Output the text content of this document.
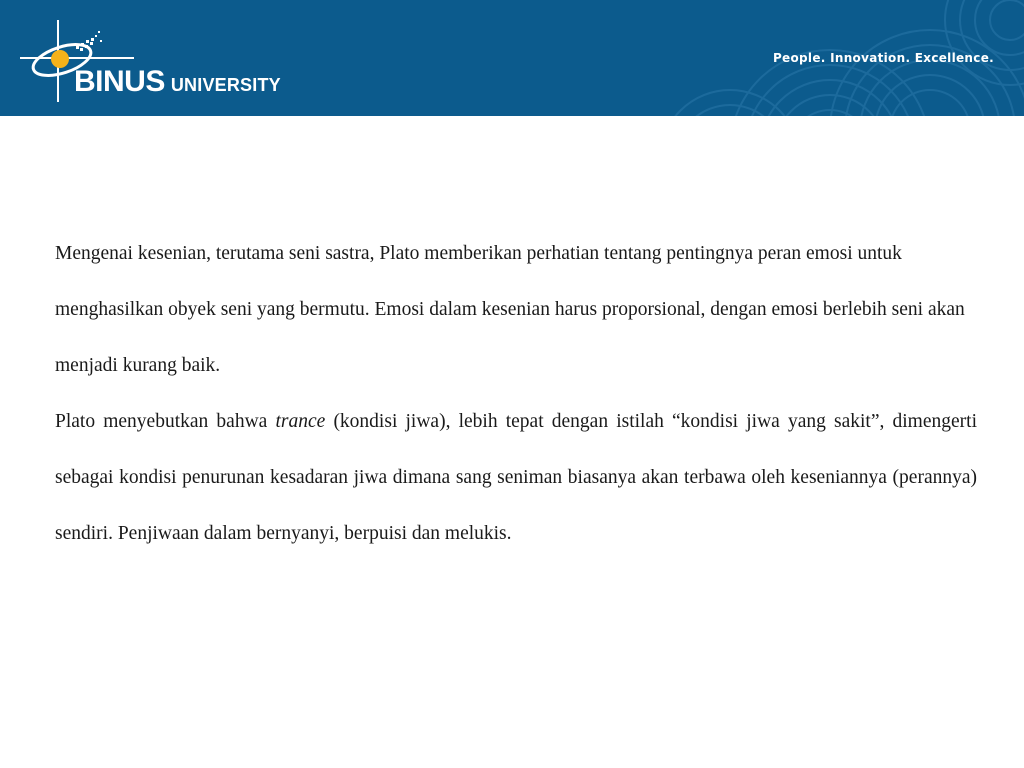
BINUS UNIVERSITY
People. Innovation. Excellence.

Mengenai kesenian, terutama seni sastra, Plato memberikan perhatian tentang pentingnya peran emosi untuk menghasilkan obyek seni yang bermutu. Emosi dalam kesenian harus proporsional, dengan emosi berlebih seni akan menjadi kurang baik.

Plato menyebutkan bahwa trance (kondisi jiwa), lebih tepat dengan istilah “kondisi jiwa yang sakit”, dimengerti sebagai kondisi penurunan kesadaran jiwa dimana sang seniman biasanya akan terbawa oleh keseniannya (perannya) sendiri. Penjiwaan dalam bernyanyi, berpuisi dan melukis.
